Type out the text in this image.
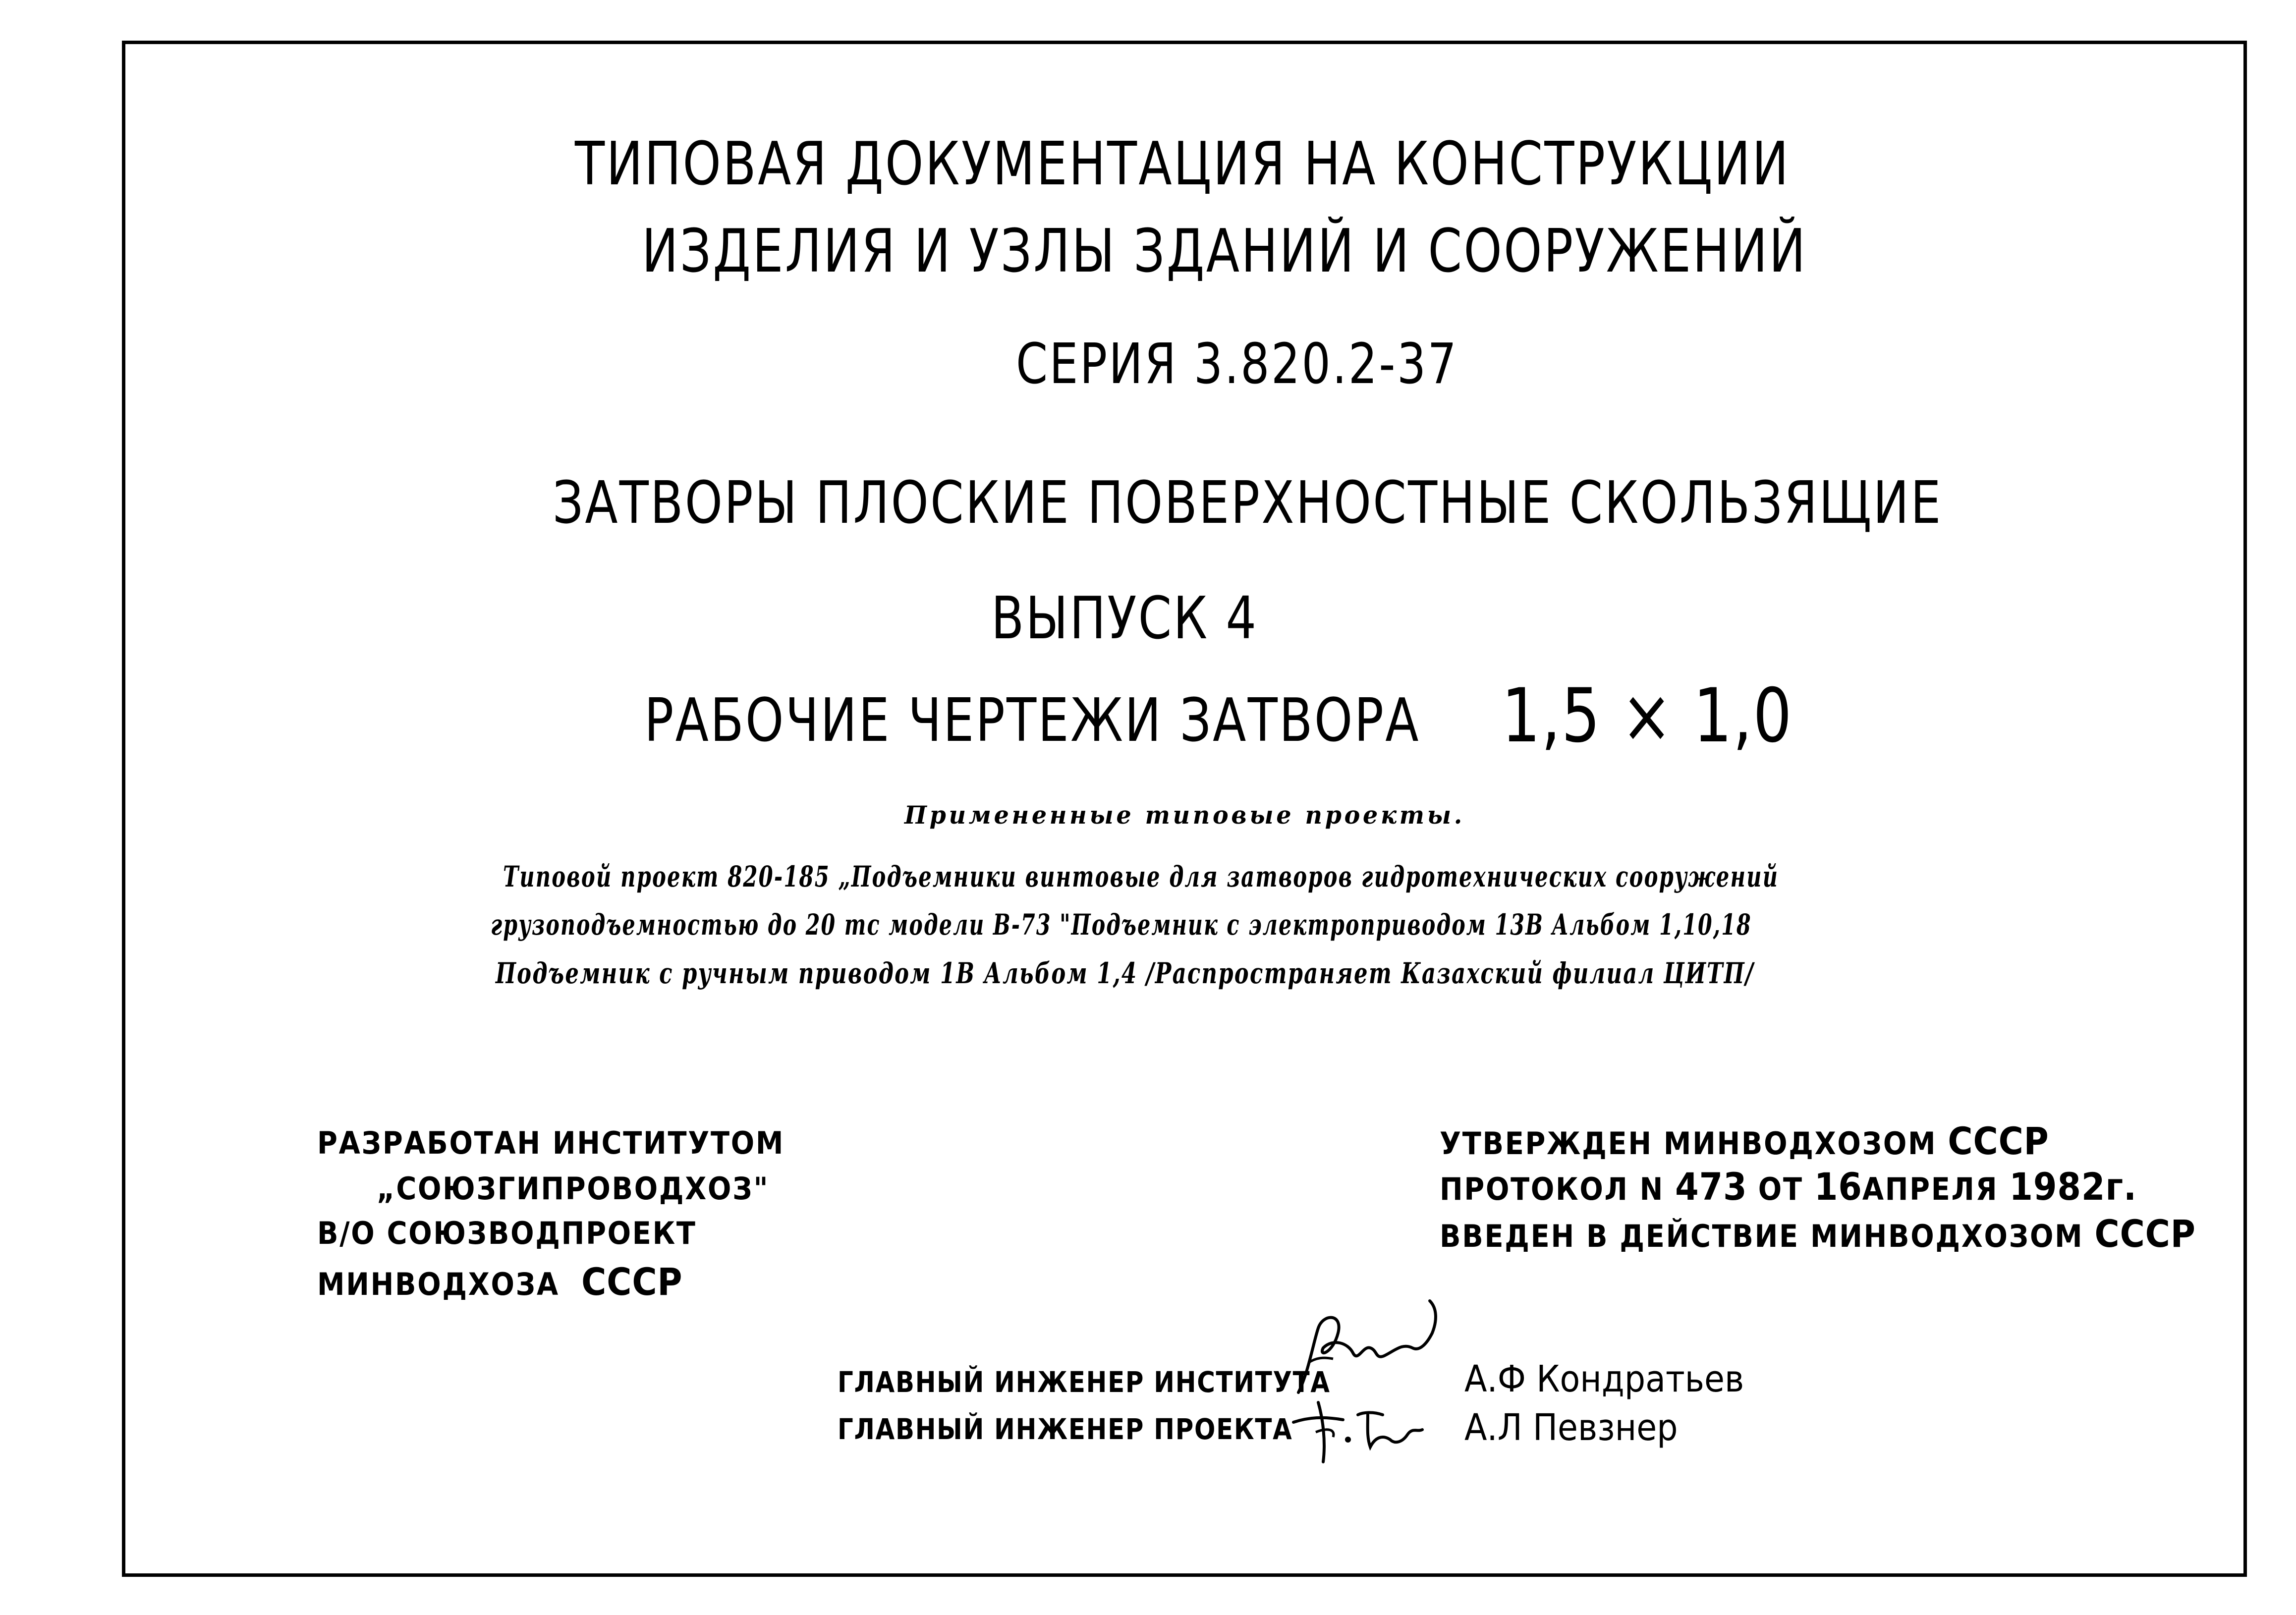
ТИПОВАЯ ДОКУМЕНТАЦИЯ НА КОНСТРУКЦИИ
ИЗДЕЛИЯ И УЗЛЫ ЗДАНИЙ И СООРУЖЕНИЙ
СЕРИЯ 3.820.2-37
ЗАТВОРЫ ПЛОСКИЕ ПОВЕРХНОСТНЫЕ СКОЛЬЗЯЩИЕ
ВЫПУСК 4
РАБОЧИЕ ЧЕРТЕЖИ ЗАТВОРА 1,5 × 1,0
Примененные типовые проекты.
Типовой проект 820-185 „Подъемники винтовые для затворов гидротехнических сооружений
грузоподъемностью до 20 тс модели В-73 "Подъемник с электроприводом 13В Альбом 1,10,18
Подъемник с ручным приводом 1В Альбом 1,4 /Распространяет Казахский филиал ЦИТП/
РАЗРАБОТАН ИНСТИТУТОМ
„СОЮЗГИПРОВОДХОЗ"
В/О СОЮЗВОДПРОЕКТ
МИНВОДХОЗА СССР
УТВЕРЖДЕН МИНВОДХОЗОМ СССР
ПРОТОКОЛ N 473 ОТ 16АПРЕЛЯ 1982г.
ВВЕДЕН В ДЕЙСТВИЕ МИНВОДХОЗОМ СССР
ГЛАВНЫЙ ИНЖЕНЕР ИНСТИТУТА	А.Ф Кондратьев
ГЛАВНЫЙ ИНЖЕНЕР ПРОЕКТА	А.Л Певзнер
